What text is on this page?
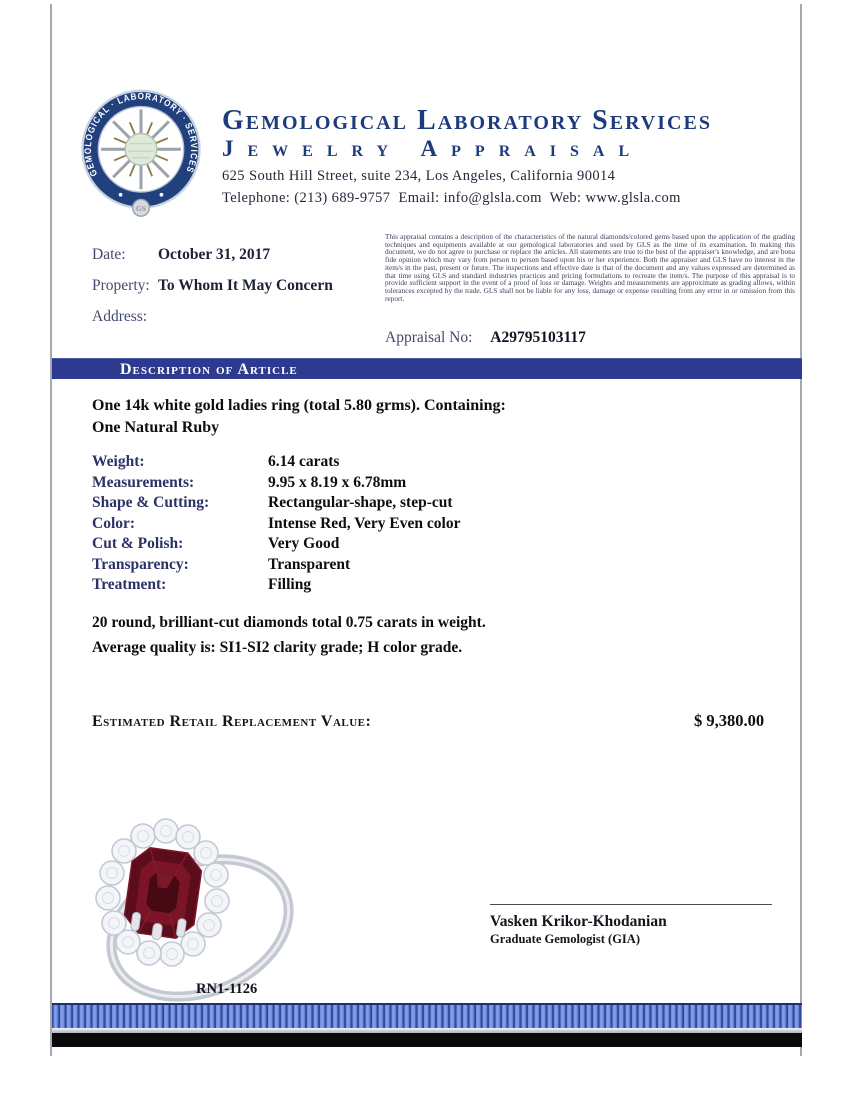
GEMOLOGICAL · LABORATORY · SERVICES
GS
Gemological Laboratory Services
Jewelry Appraisal
625 South Hill Street, suite 234, Los Angeles, California 90014
Telephone: (213) 689-9757  Email: info@glsla.com  Web: www.glsla.com
Date:	October 31, 2017
Property: To Whom It May Concern
Address:
This appraisal contains a description of the characteristics of the natural diamonds/colored gems based upon the application of the grading techniques and equipments available at our gemological laboratories and used by GLS as the time of its examination. In making this document, we do not agree to purchase or replace the articles. All statements are true to the best of the appraiser's knowledge, and are bona fide opinion which may vary from person to person based upon his or her experience. Both the appraiser and GLS have no interest in the item/s in the past, present or future. The inspections and effective date is that of the document and any values expressed are determined as that time using GLS and standard industries practices and pricing formulations to recreate the item/s. The purpose of this appraisal is to provide sufficient support in the event of a proof of loss or damage. Weights and measurements are approximate as grading allows, within tolerances excepted by the trade. GLS shall not be liable for any loss, damage or expense resulting from any error in or omission from this report.
Appraisal No: A29795103117
Description of Article
One 14k white gold ladies ring (total 5.80 grms). Containing:
One Natural Ruby
Weight:	6.14 carats
Measurements:	9.95 x 8.19 x 6.78mm
Shape & Cutting:	Rectangular-shape, step-cut
Color:	Intense Red, Very Even color
Cut & Polish:	Very Good
Transparency:	Transparent
Treatment:	Filling
20 round, brilliant-cut diamonds total 0.75 carats in weight.
Average quality is: SI1-SI2 clarity grade; H color grade.
Estimated Retail Replacement Value:	$ 9,380.00
RN1-1126
Vasken Krikor-Khodanian
Graduate Gemologist (GIA)
